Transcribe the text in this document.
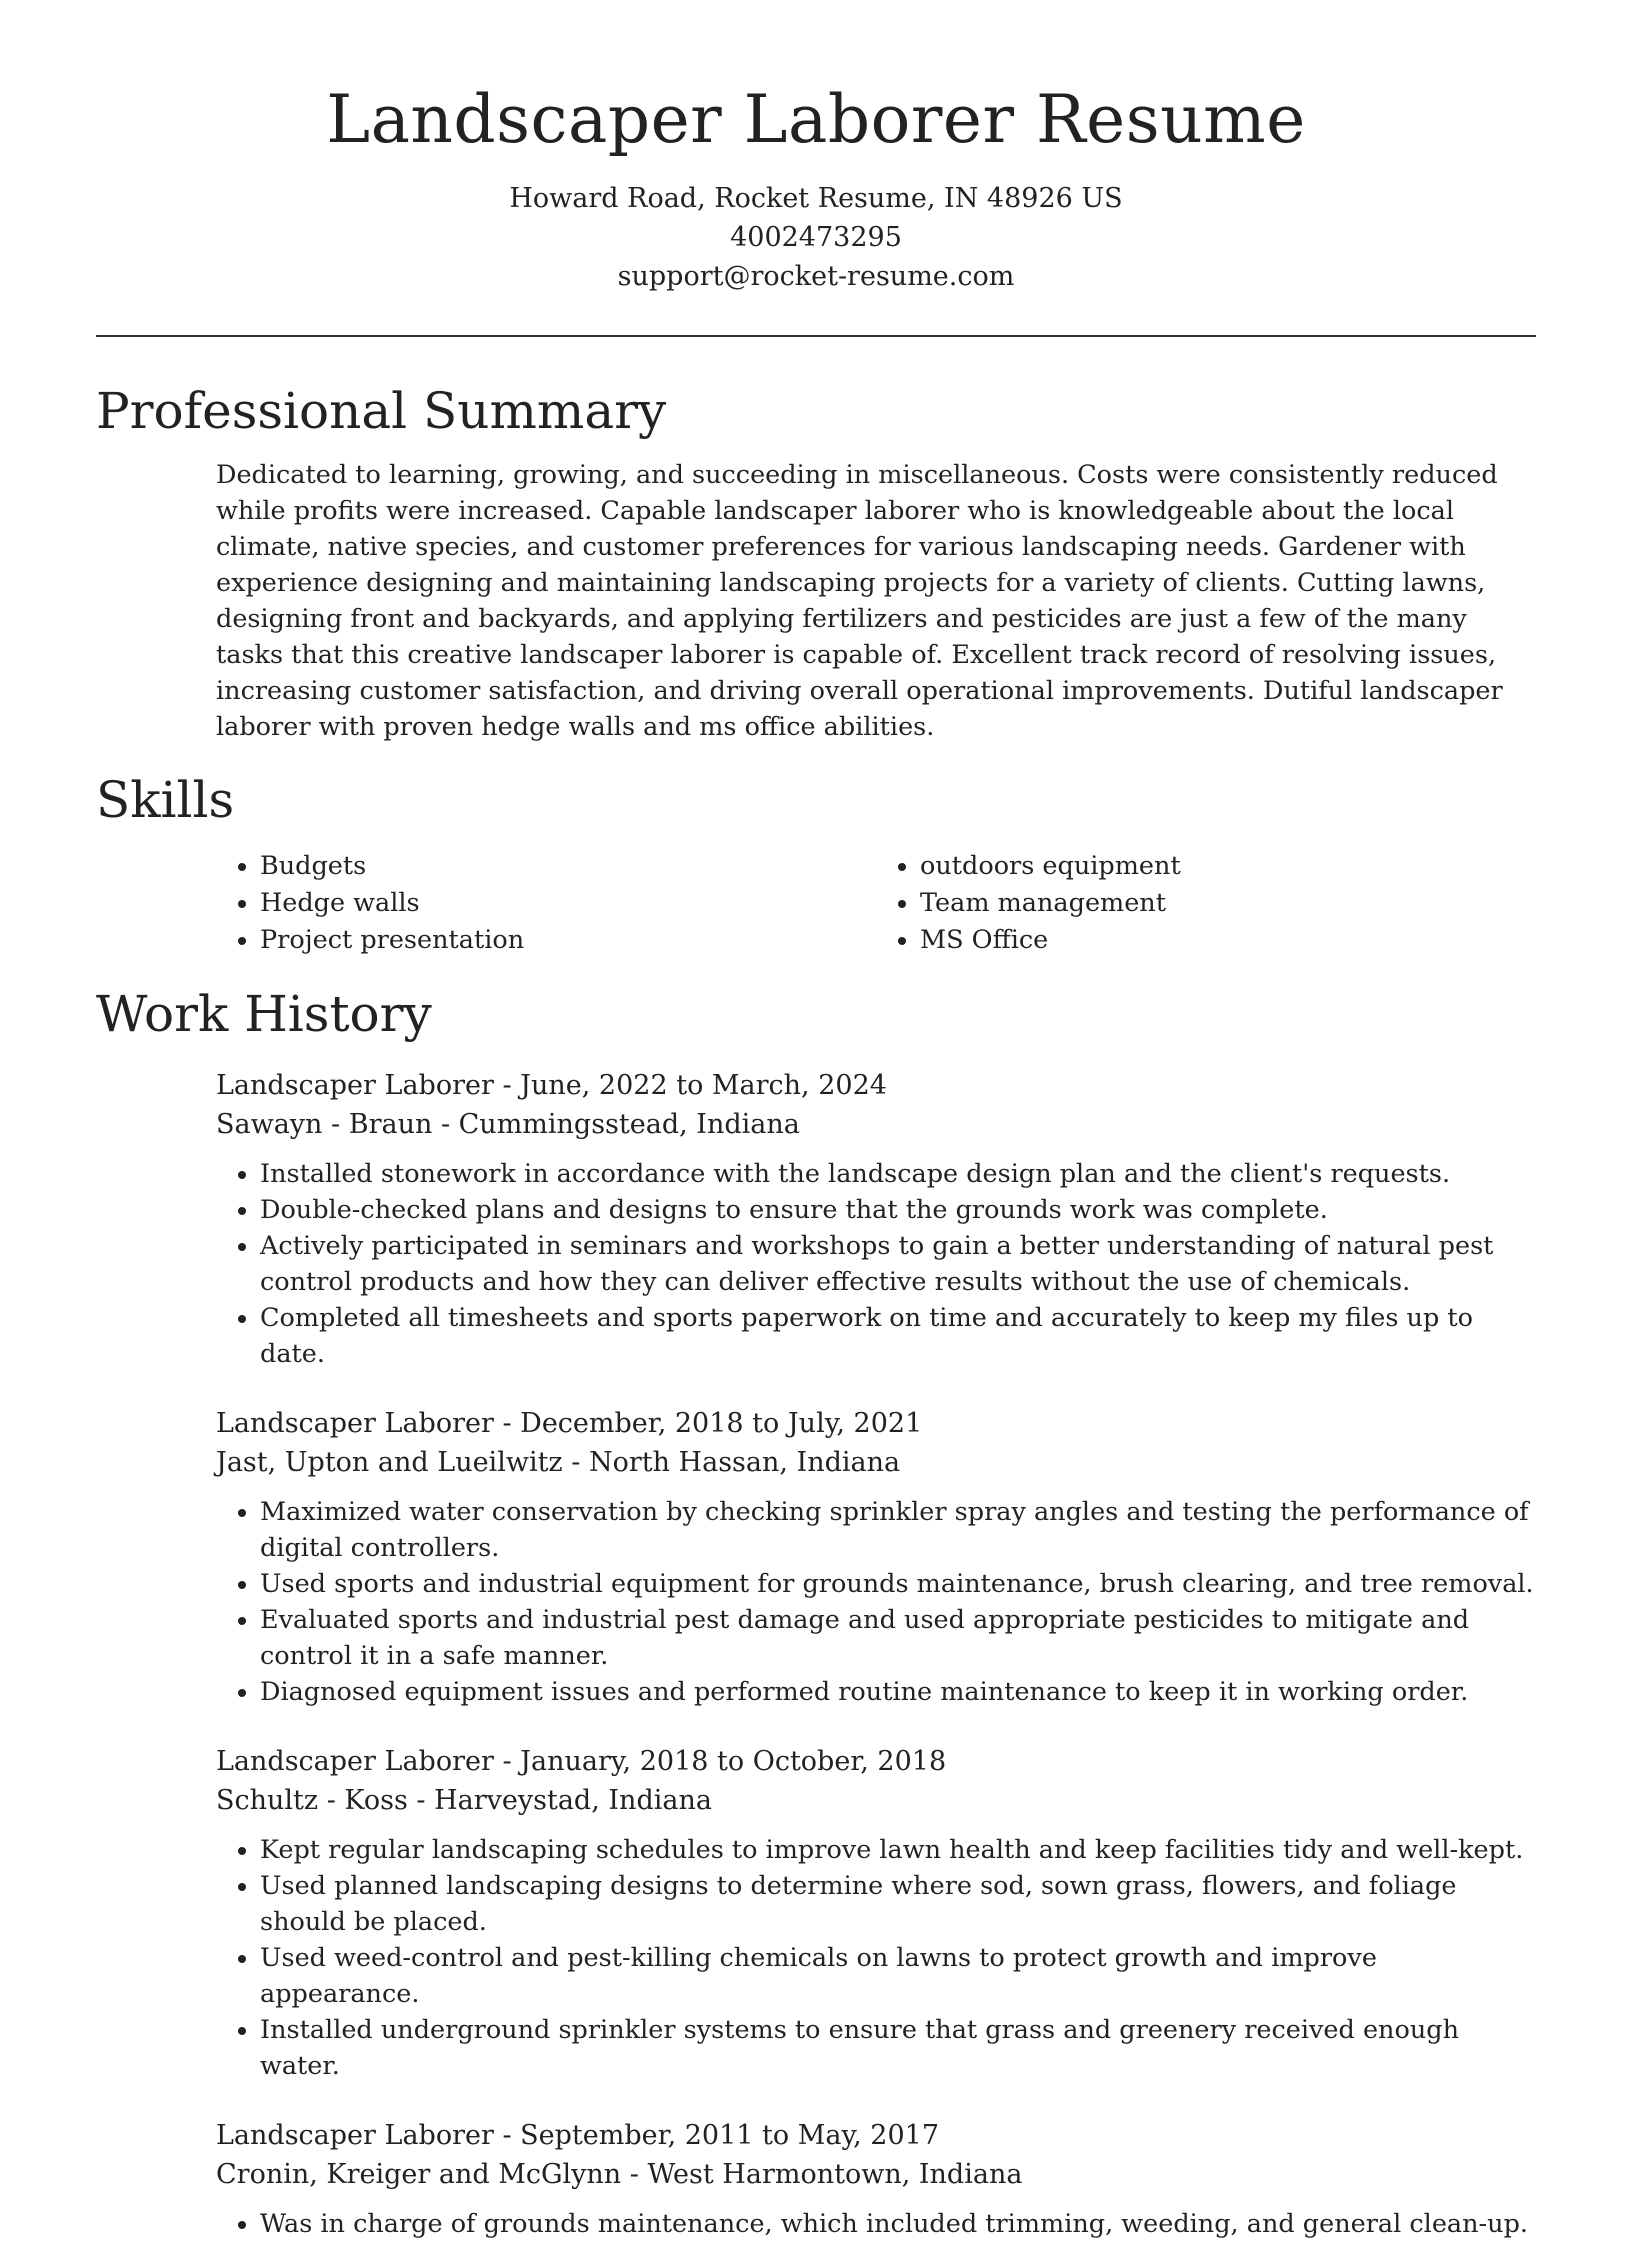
Landscaper Laborer Resume
Howard Road, Rocket Resume, IN 48926 US
4002473295
support@rocket-resume.com
Professional Summary
Dedicated to learning, growing, and succeeding in miscellaneous. Costs were consistently reduced while profits were increased. Capable landscaper laborer who is knowledgeable about the local climate, native species, and customer preferences for various landscaping needs. Gardener with experience designing and maintaining landscaping projects for a variety of clients. Cutting lawns, designing front and backyards, and applying fertilizers and pesticides are just a few of the many tasks that this creative landscaper laborer is capable of. Excellent track record of resolving issues, increasing customer satisfaction, and driving overall operational improvements. Dutiful landscaper laborer with proven hedge walls and ms office abilities.
Skills
• Budgets
• Hedge walls
• Project presentation
• outdoors equipment
• Team management
• MS Office
Work History
Landscaper Laborer - June, 2022 to March, 2024
Sawayn - Braun - Cummingsstead, Indiana
• Installed stonework in accordance with the landscape design plan and the client's requests.
• Double-checked plans and designs to ensure that the grounds work was complete.
• Actively participated in seminars and workshops to gain a better understanding of natural pest control products and how they can deliver effective results without the use of chemicals.
• Completed all timesheets and sports paperwork on time and accurately to keep my files up to date.
Landscaper Laborer - December, 2018 to July, 2021
Jast, Upton and Lueilwitz - North Hassan, Indiana
• Maximized water conservation by checking sprinkler spray angles and testing the performance of digital controllers.
• Used sports and industrial equipment for grounds maintenance, brush clearing, and tree removal.
• Evaluated sports and industrial pest damage and used appropriate pesticides to mitigate and control it in a safe manner.
• Diagnosed equipment issues and performed routine maintenance to keep it in working order.
Landscaper Laborer - January, 2018 to October, 2018
Schultz - Koss - Harveystad, Indiana
• Kept regular landscaping schedules to improve lawn health and keep facilities tidy and well-kept.
• Used planned landscaping designs to determine where sod, sown grass, flowers, and foliage should be placed.
• Used weed-control and pest-killing chemicals on lawns to protect growth and improve appearance.
• Installed underground sprinkler systems to ensure that grass and greenery received enough water.
Landscaper Laborer - September, 2011 to May, 2017
Cronin, Kreiger and McGlynn - West Harmontown, Indiana
• Was in charge of grounds maintenance, which included trimming, weeding, and general clean-up.
